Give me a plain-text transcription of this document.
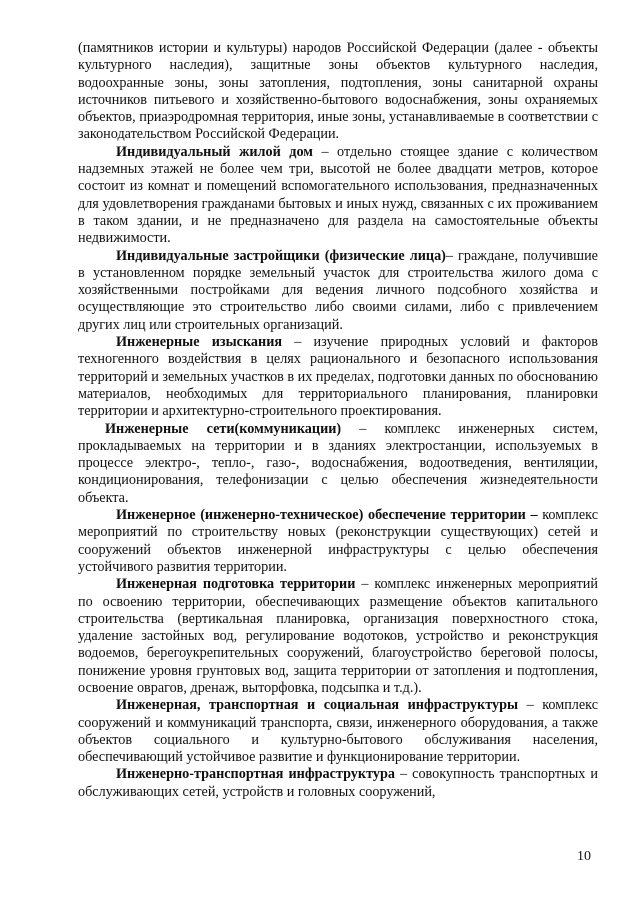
(памятников истории и культуры) народов Российской Федерации (далее - объекты культурного наследия), защитные зоны объектов культурного наследия, водоохранные зоны, зоны затопления, подтопления, зоны санитарной охраны источников питьевого и хозяйственно-бытового водоснабжения, зоны охраняемых объектов, приаэродромная территория, иные зоны, устанавливаемые в соответствии с законодательством Российской Федерации.

Индивидуальный жилой дом – отдельно стоящее здание с количеством надземных этажей не более чем три, высотой не более двадцати метров, которое состоит из комнат и помещений вспомогательного использования, предназначенных для удовлетворения гражданами бытовых и иных нужд, связанных с их проживанием в таком здании, и не предназначено для раздела на самостоятельные объекты недвижимости.

Индивидуальные застройщики (физические лица)– граждане, получившие в установленном порядке земельный участок для строительства жилого дома с хозяйственными постройками для ведения личного подсобного хозяйства и осуществляющие это строительство либо своими силами, либо с привлечением других лиц или строительных организаций.

Инженерные изыскания – изучение природных условий и факторов техногенного воздействия в целях рационального и безопасного использования территорий и земельных участков в их пределах, подготовки данных по обоснованию материалов, необходимых для территориального планирования, планировки территории и архитектурно-строительного проектирования.

Инженерные сети(коммуникации) – комплекс инженерных систем, прокладываемых на территории и в зданиях электростанции, используемых в процессе электро-, тепло-, газо-, водоснабжения, водоотведения, вентиляции, кондиционирования, телефонизации с целью обеспечения жизнедеятельности объекта.

Инженерное (инженерно-техническое) обеспечение территории – комплекс мероприятий по строительству новых (реконструкции существующих) сетей и сооружений объектов инженерной инфраструктуры с целью обеспечения устойчивого развития территории.

Инженерная подготовка территории – комплекс инженерных мероприятий по освоению территории, обеспечивающих размещение объектов капитального строительства (вертикальная планировка, организация поверхностного стока, удаление застойных вод, регулирование водотоков, устройство и реконструкция водоемов, берегоукрепительных сооружений, благоустройство береговой полосы, понижение уровня грунтовых вод, защита территории от затопления и подтопления, освоение оврагов, дренаж, выторфовка, подсыпка и т.д.).

Инженерная, транспортная и социальная инфраструктуры – комплекс сооружений и коммуникаций транспорта, связи, инженерного оборудования, а также объектов социального и культурно-бытового обслуживания населения, обеспечивающий устойчивое развитие и функционирование территории.

Инженерно-транспортная инфраструктура – совокупность транспортных и обслуживающих сетей, устройств и головных сооружений,

10
